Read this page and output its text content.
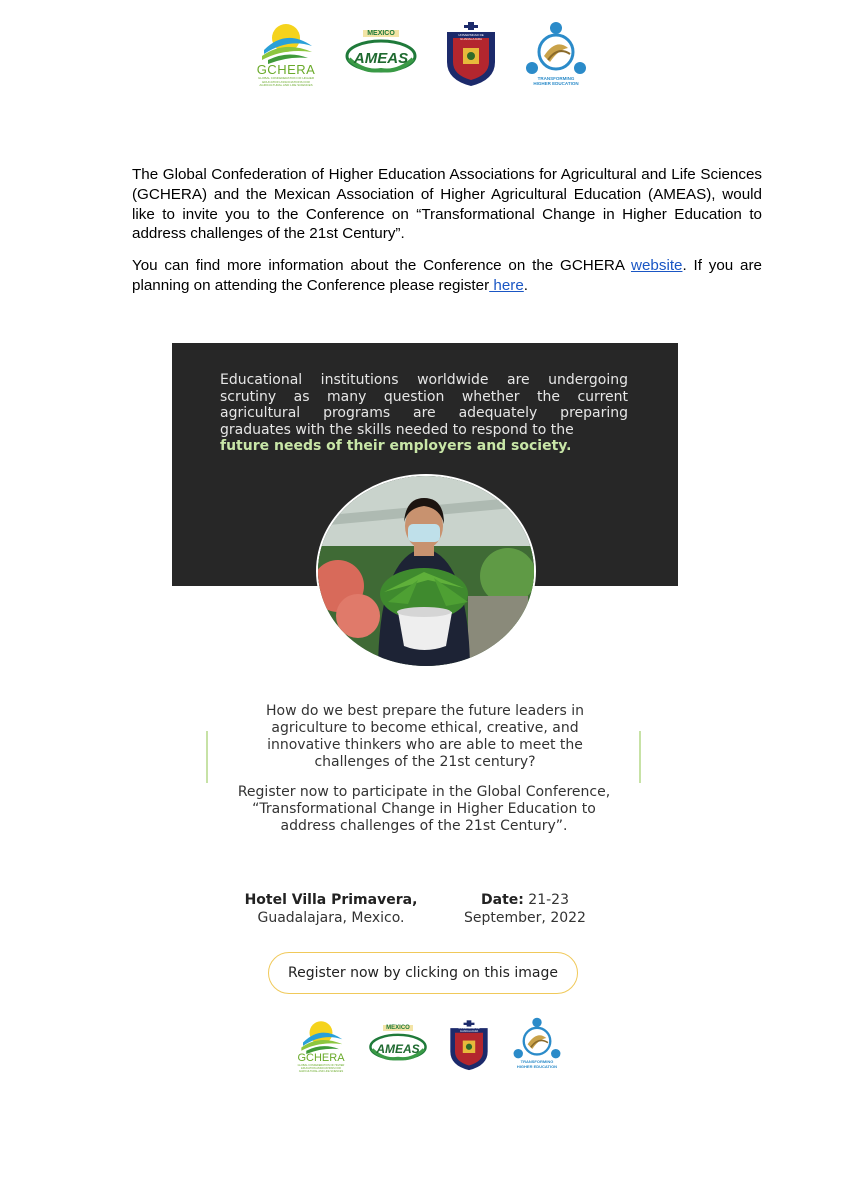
GCHERA
GLOBAL CONFEDERATION OF HIGHER EDUCATION ASSOCIATIONS FOR AGRICULTURAL AND LIFE SCIENCES
MEXICO
AMEAS
UNIVERSIDAD DE GUADALAJARA
TRANSFORMING HIGHER EDUCATION
The Global Confederation of Higher Education Associations for Agricultural and Life Sciences (GCHERA) and the Mexican Association of Higher Agricultural Education (AMEAS), would like to invite you to the Conference on “Transformational Change in Higher Education to address challenges of the 21st Century”.
You can find more information about the Conference on the GCHERA website. If you are planning on attending the Conference please register here.

Educational institutions worldwide are undergoing scrutiny as many question whether the current agricultural programs are adequately preparing graduates with the skills needed to respond to the
future needs of their employers and society.

How do we best prepare the future leaders in agriculture to become ethical, creative, and innovative thinkers who are able to meet the challenges of the 21st century?

Register now to participate in the Global Conference, “Transformational Change in Higher Education to address challenges of the 21st Century”.

Hotel Villa Primavera,
Guadalajara, Mexico.
Date: 21-23
September, 2022
Register now by clicking on this image
GCHERA
GLOBAL CONFEDERATION OF HIGHER EDUCATION ASSOCIATIONS FOR AGRICULTURAL AND LIFE SCIENCES
MEXICO
AMEAS
UNIVERSIDAD DE GUADALAJARA
TRANSFORMING HIGHER EDUCATION
